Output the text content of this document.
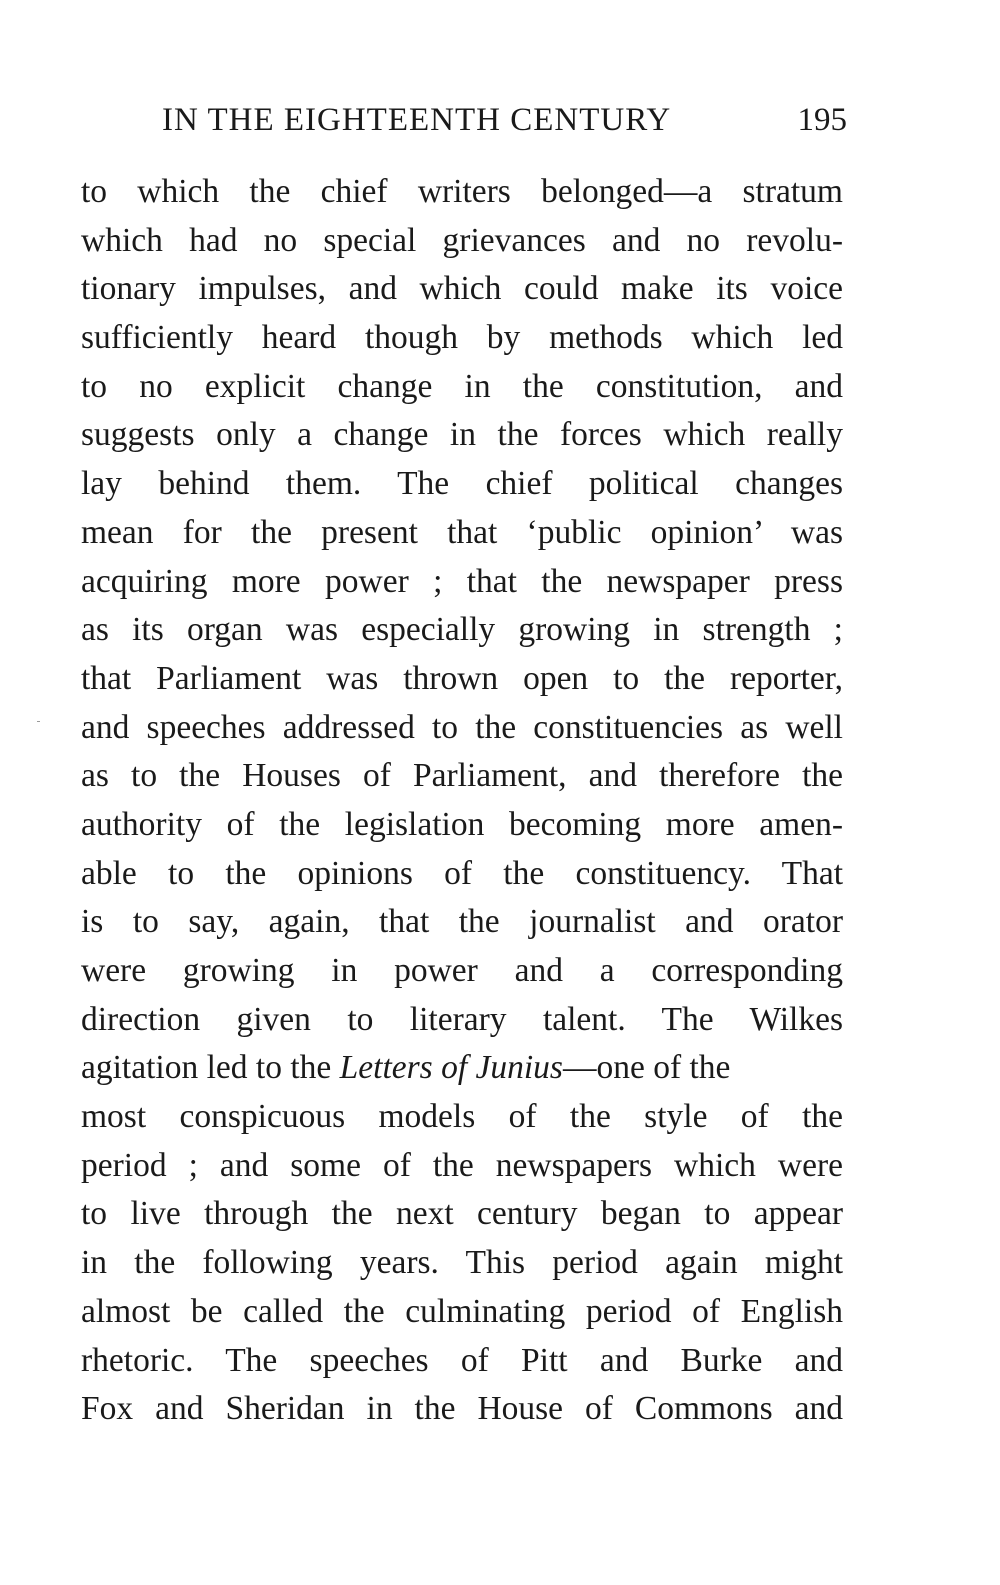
IN THE EIGHTEENTH CENTURY	195
to which the chief writers belonged—a stratum
which had no special grievances and no revolu-
tionary impulses, and which could make its voice
sufficiently heard though by methods which led
to no explicit change in the constitution, and
suggests only a change in the forces which really
lay behind them. The chief political changes
mean for the present that ‘public opinion’ was
acquiring more power ; that the newspaper press
as its organ was especially growing in strength ;
that Parliament was thrown open to the reporter,
and speeches addressed to the constituencies as well
as to the Houses of Parliament, and therefore the
authority of the legislation becoming more amen-
able to the opinions of the constituency. That
is to say, again, that the journalist and orator
were growing in power and a corresponding
direction given to literary talent. The Wilkes
agitation led to the Letters of Junius—one of the
most conspicuous models of the style of the
period ; and some of the newspapers which were
to live through the next century began to appear
in the following years. This period again might
almost be called the culminating period of English
rhetoric. The speeches of Pitt and Burke and
Fox and Sheridan in the House of Commons and
